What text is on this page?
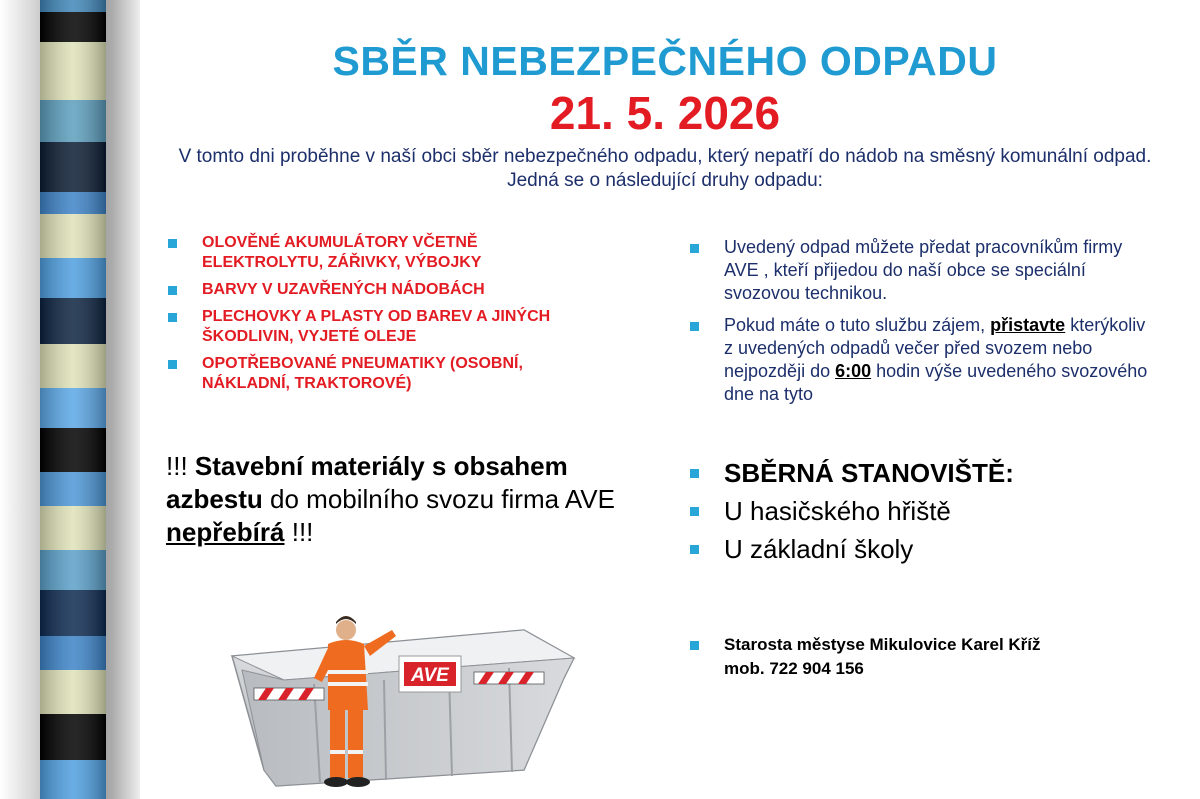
SBĚR NEBEZPEČNÉHO ODPADU
21. 5. 2026
V tomto dni proběhne v naší obci sběr nebezpečného odpadu, který nepatří do nádob na směsný komunální odpad. Jedná se o následující druhy odpadu:
OLOVĚNÉ AKUMULÁTORY VČETNĚ ELEKTROLYTU, ZÁŘIVKY, VÝBOJKY
BARVY V UZAVŘENÝCH NÁDOBÁCH
PLECHOVKY A PLASTY OD BAREV A JINÝCH ŠKODLIVIN, VYJETÉ OLEJE
OPOTŘEBOVANÉ PNEUMATIKY (OSOBNÍ, NÁKLADNÍ, TRAKTOROVÉ)
Uvedený odpad můžete předat pracovníkům firmy AVE , kteří přijedou do naší obce se speciální svozovou technikou.
Pokud máte o tuto službu zájem, přistavte kterýkoliv z uvedených odpadů večer před svozem nebo nejpozději do 6:00 hodin výše uvedeného svozového dne na tyto
!!! Stavební materiály s obsahem azbestu do mobilního svozu firma AVE nepřebírá !!!
SBĚRNÁ STANOVIŠTĚ:
U hasičského hřiště
U základní školy
Starosta městyse Mikulovice Karel Kříž
mob. 722 904 156
AVE
